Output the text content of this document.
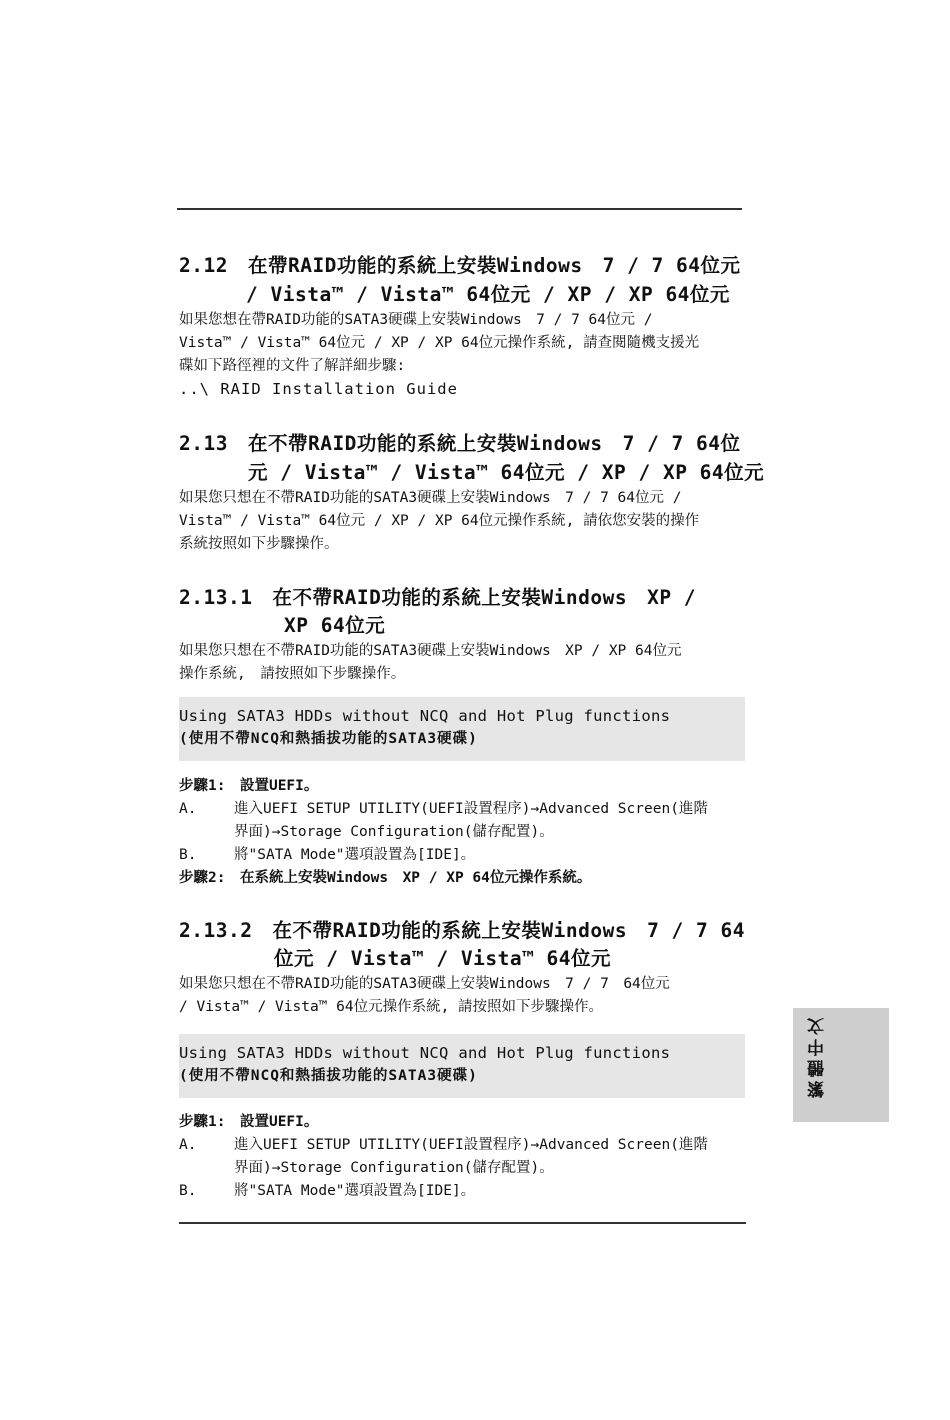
2.12　在帶RAID功能的系統上安裝Windows　7 / 7 64位元
/ Vista™ / Vista™ 64位元 / XP / XP 64位元
如果您想在帶RAID功能的SATA3硬碟上安裝Windows　7 / 7 64位元 /
Vista™ / Vista™ 64位元 / XP / XP 64位元操作系統, 請查閱隨機支援光
碟如下路徑裡的文件了解詳細步驟:
..\ RAID Installation Guide
2.13　在不帶RAID功能的系統上安裝Windows　7 / 7 64位
元 / Vista™ / Vista™ 64位元 / XP / XP 64位元
如果您只想在不帶RAID功能的SATA3硬碟上安裝Windows　7 / 7 64位元 /
Vista™ / Vista™ 64位元 / XP / XP 64位元操作系統, 請依您安裝的操作
系統按照如下步驟操作。
2.13.1　在不帶RAID功能的系統上安裝Windows　XP /
XP 64位元
如果您只想在不帶RAID功能的SATA3硬碟上安裝Windows　XP / XP 64位元
操作系統,　請按照如下步驟操作。
Using SATA3 HDDs without NCQ and Hot Plug functions
(使用不帶NCQ和熱插拔功能的SATA3硬碟)
步驟1:　設置UEFI。
A.	進入UEFI SETUP UTILITY(UEFI設置程序)→Advanced Screen(進階
界面)→Storage Configuration(儲存配置)。
B.	將"SATA Mode"選項設置為[IDE]。
步驟2:　在系統上安裝Windows　XP / XP 64位元操作系統。
2.13.2　在不帶RAID功能的系統上安裝Windows　7 / 7 64
位元 / Vista™ / Vista™ 64位元
如果您只想在不帶RAID功能的SATA3硬碟上安裝Windows　7 / 7　64位元
/ Vista™ / Vista™ 64位元操作系統, 請按照如下步驟操作。
Using SATA3 HDDs without NCQ and Hot Plug functions
(使用不帶NCQ和熱插拔功能的SATA3硬碟)
步驟1:　設置UEFI。
A.	進入UEFI SETUP UTILITY(UEFI設置程序)→Advanced Screen(進階
界面)→Storage Configuration(儲存配置)。
B.	將"SATA Mode"選項設置為[IDE]。
繁體中文
